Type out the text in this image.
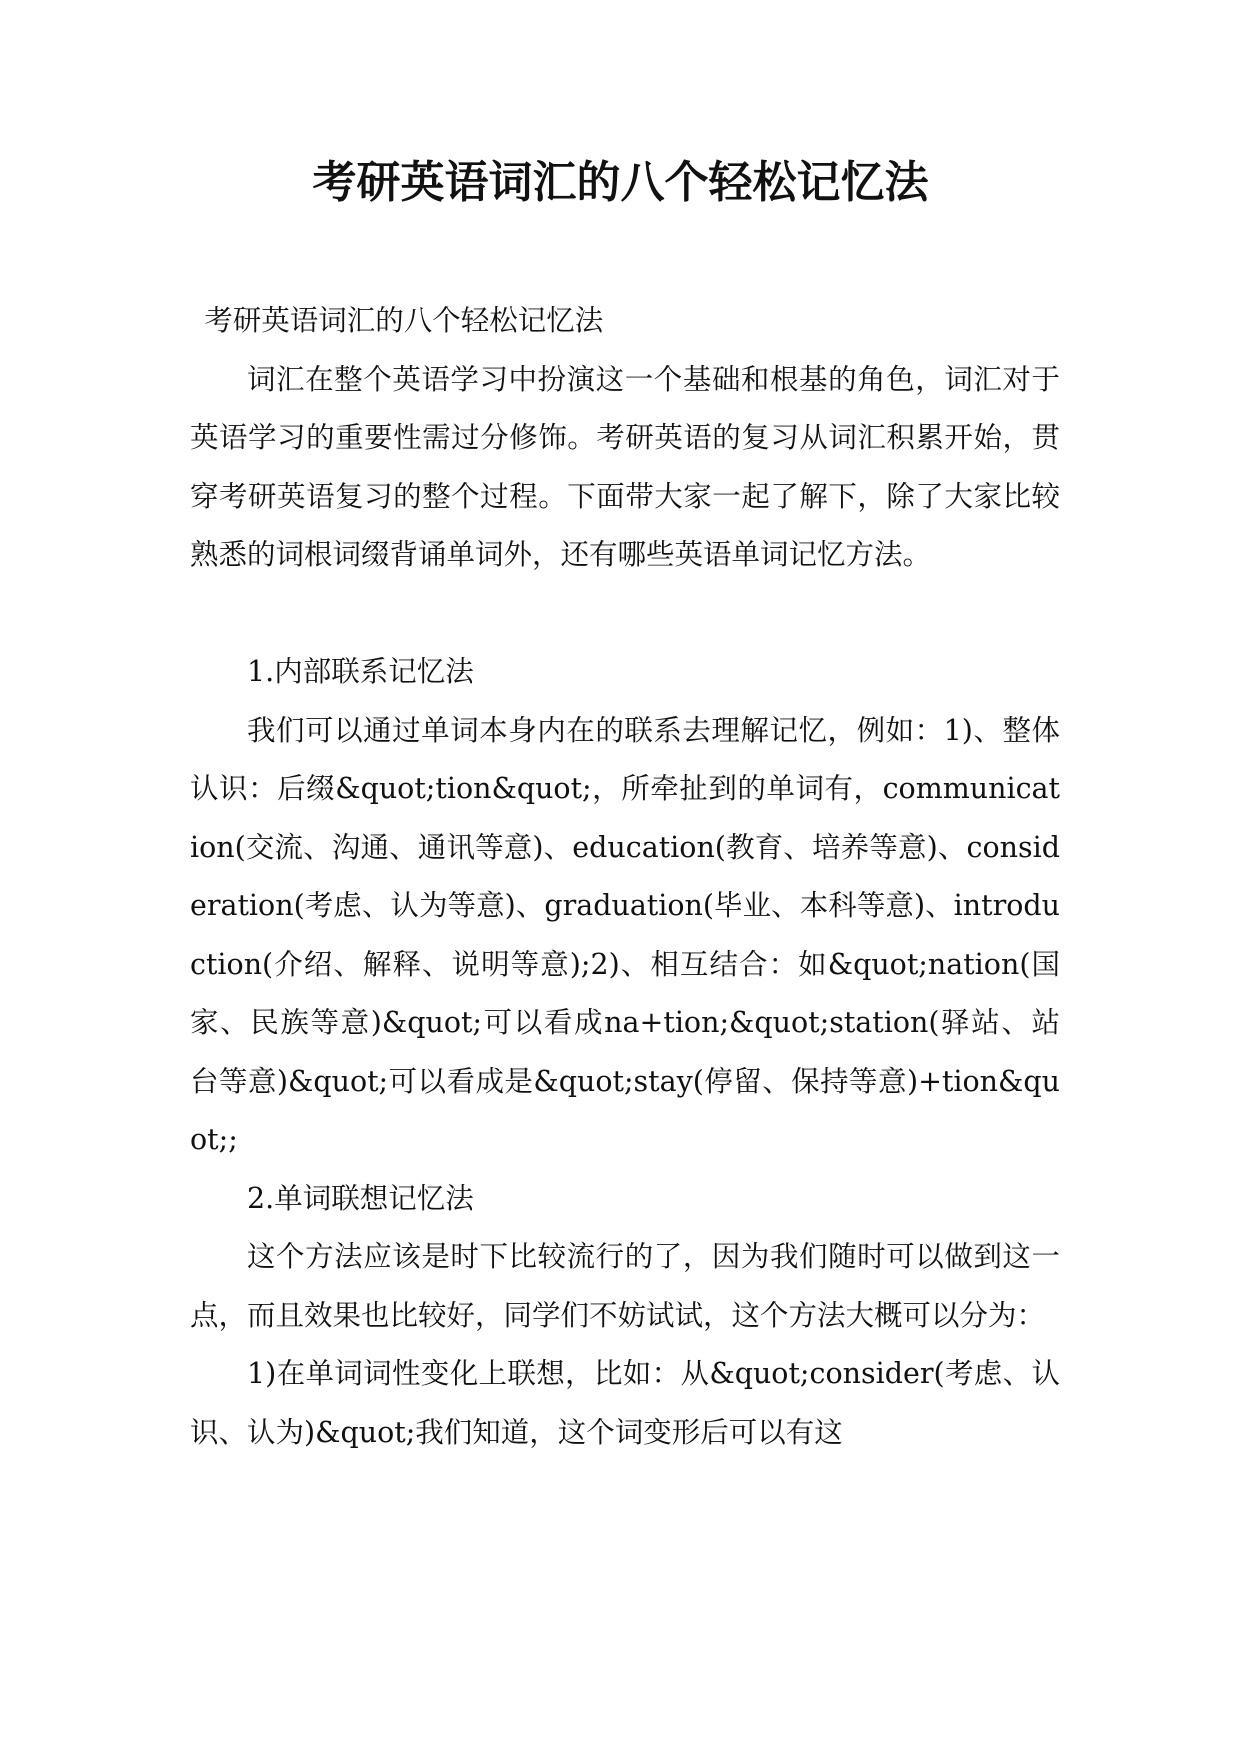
考研英语词汇的八个轻松记忆法

考研英语词汇的八个轻松记忆法

词汇在整个英语学习中扮演这一个基础和根基的角色，词汇对于英语学习的重要性需过分修饰。考研英语的复习从词汇积累开始，贯穿考研英语复习的整个过程。下面带大家一起了解下，除了大家比较熟悉的词根词缀背诵单词外，还有哪些英语单词记忆方法。

1.内部联系记忆法

我们可以通过单词本身内在的联系去理解记忆，例如：1)、整体认识：后缀&quot;tion&quot;，所牵扯到的单词有，communication(交流、沟通、通讯等意)、education(教育、培养等意)、consideration(考虑、认为等意)、graduation(毕业、本科等意)、introduction(介绍、解释、说明等意);2)、相互结合：如&quot;nation(国家、民族等意)&quot;可以看成na+tion;&quot;station(驿站、站台等意)&quot;可以看成是&quot;stay(停留、保持等意)+tion&quot;;

2.单词联想记忆法

这个方法应该是时下比较流行的了，因为我们随时可以做到这一点，而且效果也比较好，同学们不妨试试，这个方法大概可以分为：

1)在单词词性变化上联想，比如：从&quot;consider(考虑、认识、认为)&quot;我们知道，这个词变形后可以有这
